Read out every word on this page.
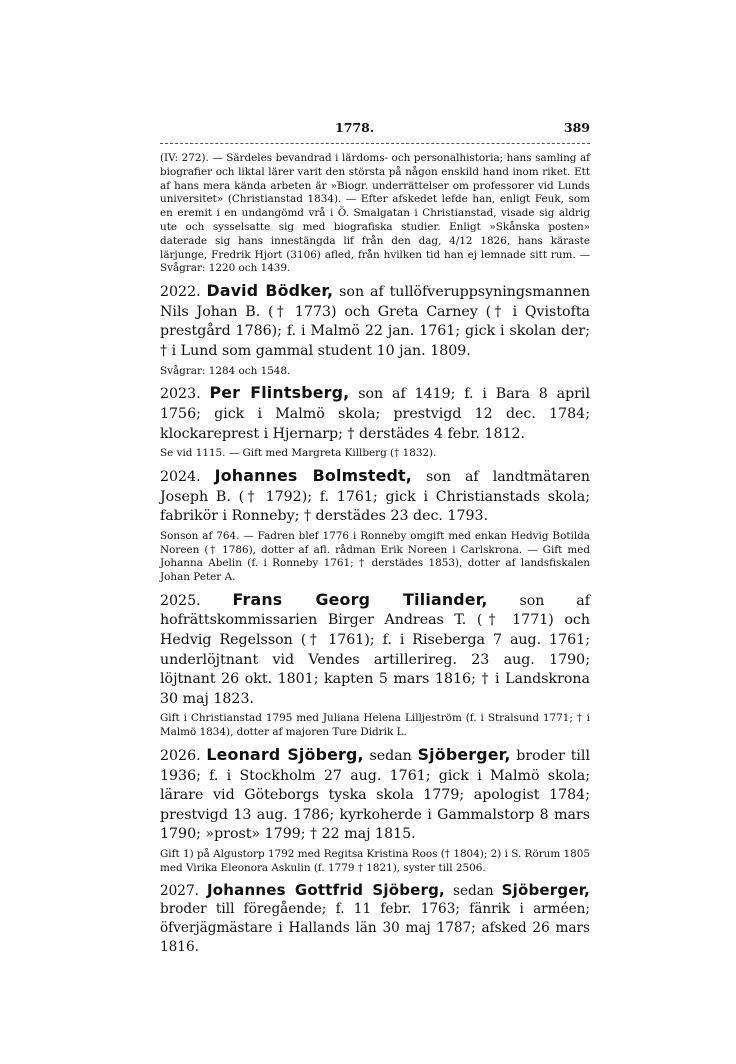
1778.	389

(IV: 272). — Särdeles bevandrad i lärdoms- och personalhistoria; hans samling af biografier och liktal lärer varit den största på någon enskild hand inom riket. Ett af hans mera kända arbeten är »Biogr. underrättelser om professorer vid Lunds universitet» (Christianstad 1834). — Efter afskedet lefde han, enligt Feuk, som en eremit i en undangömd vrå i Ö. Smalgatan i Christianstad, visade sig aldrig ute och sysselsatte sig med biografiska studier. Enligt »Skånska posten» daterade sig hans innestängda lif från den dag, 4/12 1826, hans käraste lärjunge, Fredrik Hjort (3106) afled, från hvilken tid han ej lemnade sitt rum. — Svågrar: 1220 och 1439.

2022. David Bödker, son af tullöfveruppsyningsmannen Nils Johan B. († 1773) och Greta Carney († i Qvistofta prestgård 1786); f. i Malmö 22 jan. 1761; gick i skolan der; † i Lund som gammal student 10 jan. 1809.

Svågrar: 1284 och 1548.

2023. Per Flintsberg, son af 1419; f. i Bara 8 april 1756; gick i Malmö skola; prestvigd 12 dec. 1784; klockareprest i Hjernarp; † derstädes 4 febr. 1812.

Se vid 1115. — Gift med Margreta Killberg († 1832).

2024. Johannes Bolmstedt, son af landtmätaren Joseph B. († 1792); f. 1761; gick i Christianstads skola; fabrikör i Ronneby; † derstädes 23 dec. 1793.

Sonson af 764. — Fadren blef 1776 i Ronneby omgift med enkan Hedvig Botilda Noreen († 1786), dotter af afl. rådman Erik Noreen i Carlskrona. — Gift med Johanna Abelin (f. i Ronneby 1761; † derstädes 1853), dotter af landsfiskalen Johan Peter A.

2025. Frans Georg Tiliander, son af hofrättskommissarien Birger Andreas T. († 1771) och Hedvig Regelsson († 1761); f. i Riseberga 7 aug. 1761; underlöjtnant vid Vendes artillerireg. 23 aug. 1790; löjtnant 26 okt. 1801; kapten 5 mars 1816; † i Landskrona 30 maj 1823.

Gift i Christianstad 1795 med Juliana Helena Lilljeström (f. i Stralsund 1771; † i Malmö 1834), dotter af majoren Ture Didrik L.

2026. Leonard Sjöberg, sedan Sjöberger, broder till 1936; f. i Stockholm 27 aug. 1761; gick i Malmö skola; lärare vid Göteborgs tyska skola 1779; apologist 1784; prestvigd 13 aug. 1786; kyrkoherde i Gammalstorp 8 mars 1790; »prost» 1799; † 22 maj 1815.

Gift 1) på Algustorp 1792 med Regitsa Kristina Roos († 1804); 2) i S. Rörum 1805 med Virika Eleonora Askulin (f. 1779 † 1821), syster till 2506.

2027. Johannes Gottfrid Sjöberg, sedan Sjöberger, broder till föregående; f. 11 febr. 1763; fänrik i arméen; öfverjägmästare i Hallands län 30 maj 1787; afsked 26 mars 1816.
